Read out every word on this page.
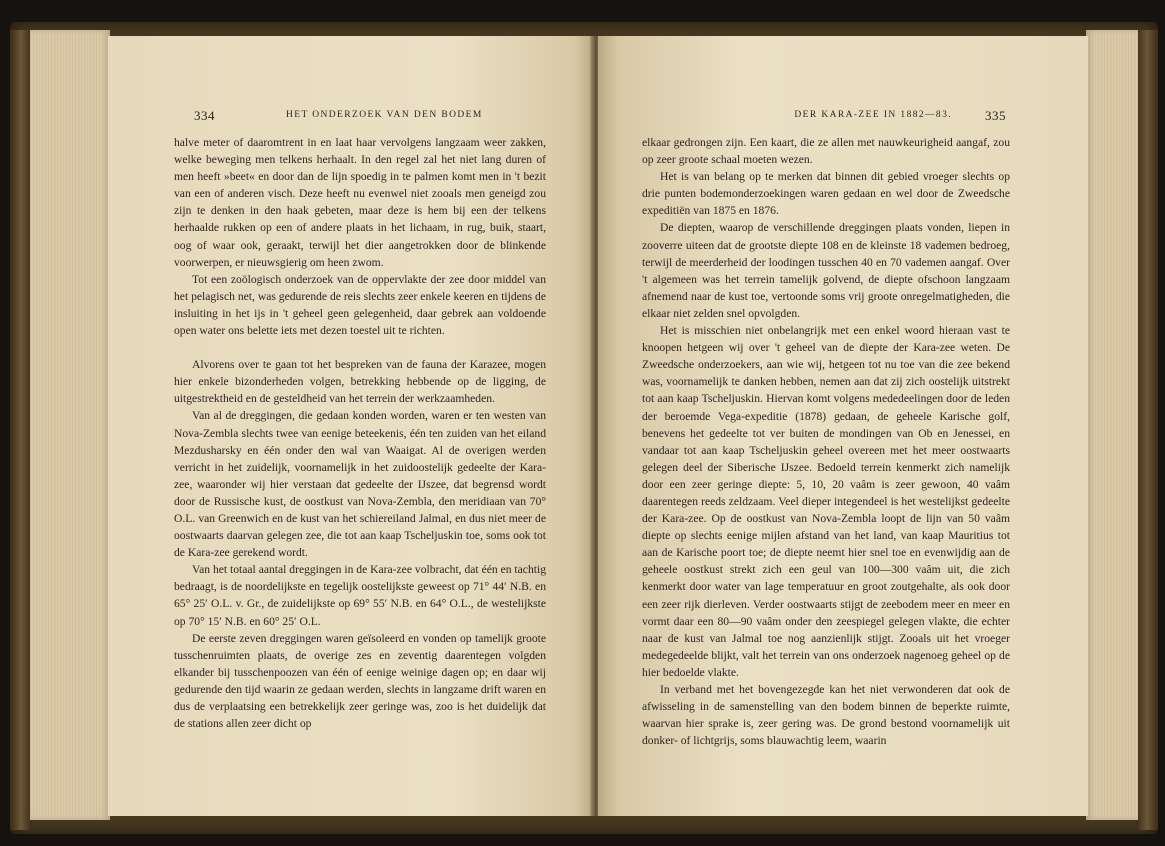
334	HET ONDERZOEK VAN DEN BODEM

halve meter of daaromtrent in en laat haar vervolgens langzaam weer zakken, welke beweging men telkens herhaalt. In den regel zal het niet lang duren of men heeft »beet« en door dan de lijn spoedig in te palmen komt men in 't bezit van een of anderen visch. Deze heeft nu evenwel niet zooals men geneigd zou zijn te denken in den haak gebeten, maar deze is hem bij een der telkens herhaalde rukken op een of andere plaats in het lichaam, in rug, buik, staart, oog of waar ook, geraakt, terwijl het dier aangetrokken door de blinkende voorwerpen, er nieuwsgierig om heen zwom.

Tot een zoölogisch onderzoek van de oppervlakte der zee door middel van het pelagisch net, was gedurende de reis slechts zeer enkele keeren en tijdens de insluiting in het ijs in 't geheel geen gelegenheid, daar gebrek aan voldoende open water ons belette iets met dezen toestel uit te richten.

Alvorens over te gaan tot het bespreken van de fauna der Karazee, mogen hier enkele bizonderheden volgen, betrekking hebbende op de ligging, de uitgestrektheid en de gesteldheid van het terrein der werkzaamheden.

Van al de dreggingen, die gedaan konden worden, waren er ten westen van Nova-Zembla slechts twee van eenige beteekenis, één ten zuiden van het eiland Mezdusharsky en één onder den wal van Waaigat. Al de overigen werden verricht in het zuidelijk, voornamelijk in het zuidoostelijk gedeelte der Kara-zee, waaronder wij hier verstaan dat gedeelte der IJszee, dat begrensd wordt door de Russische kust, de oostkust van Nova-Zembla, den meridiaan van 70° O.L. van Greenwich en de kust van het schiereiland Jalmal, en dus niet meer de oostwaarts daarvan gelegen zee, die tot aan kaap Tscheljuskin toe, soms ook tot de Kara-zee gerekend wordt.

Van het totaal aantal dreggingen in de Kara-zee volbracht, dat één en tachtig bedraagt, is de noordelijkste en tegelijk oostelijkste geweest op 71° 44′ N.B. en 65° 25′ O.L. v. Gr., de zuidelijkste op 69° 55′ N.B. en 64° O.L., de westelijkste op 70° 15′ N.B. en 60° 25′ O.L.

De eerste zeven dreggingen waren geïsoleerd en vonden op tamelijk groote tusschenruimten plaats, de overige zes en zeventig daarentegen volgden elkander bij tusschenpoozen van één of eenige weinige dagen op; en daar wij gedurende den tijd waarin ze gedaan werden, slechts in langzame drift waren en dus de verplaatsing een betrekkelijk zeer geringe was, zoo is het duidelijk dat de stations allen zeer dicht op

DER KARA-ZEE IN 1882—83.	335

elkaar gedrongen zijn. Een kaart, die ze allen met nauwkeurigheid aangaf, zou op zeer groote schaal moeten wezen.

Het is van belang op te merken dat binnen dit gebied vroeger slechts op drie punten bodemonderzoekingen waren gedaan en wel door de Zweedsche expeditiën van 1875 en 1876.

De diepten, waarop de verschillende dreggingen plaats vonden, liepen in zooverre uiteen dat de grootste diepte 108 en de kleinste 18 vademen bedroeg, terwijl de meerderheid der loodingen tusschen 40 en 70 vademen aangaf. Over 't algemeen was het terrein tamelijk golvend, de diepte ofschoon langzaam afnemend naar de kust toe, vertoonde soms vrij groote onregelmatigheden, die elkaar niet zelden snel opvolgden.

Het is misschien niet onbelangrijk met een enkel woord hieraan vast te knoopen hetgeen wij over 't geheel van de diepte der Kara-zee weten. De Zweedsche onderzoekers, aan wie wij, hetgeen tot nu toe van die zee bekend was, voornamelijk te danken hebben, nemen aan dat zij zich oostelijk uitstrekt tot aan kaap Tscheljuskin. Hiervan komt volgens mededeelingen door de leden der beroemde Vega-expeditie (1878) gedaan, de geheele Karische golf, benevens het gedeelte tot ver buiten de mondingen van Ob en Jenessei, en vandaar tot aan kaap Tscheljuskin geheel overeen met het meer oostwaarts gelegen deel der Siberische IJszee. Bedoeld terrein kenmerkt zich namelijk door een zeer geringe diepte: 5, 10, 20 vaâm is zeer gewoon, 40 vaâm daarentegen reeds zeldzaam. Veel dieper integendeel is het westelijkst gedeelte der Kara-zee. Op de oostkust van Nova-Zembla loopt de lijn van 50 vaâm diepte op slechts eenige mijlen afstand van het land, van kaap Mauritius tot aan de Karische poort toe; de diepte neemt hier snel toe en evenwijdig aan de geheele oostkust strekt zich een geul van 100—300 vaâm uit, die zich kenmerkt door water van lage temperatuur en groot zoutgehalte, als ook door een zeer rijk dierleven. Verder oostwaarts stijgt de zeebodem meer en meer en vormt daar een 80—90 vaâm onder den zeespiegel gelegen vlakte, die echter naar de kust van Jalmal toe nog aanzienlijk stijgt. Zooals uit het vroeger medegedeelde blijkt, valt het terrein van ons onderzoek nagenoeg geheel op de hier bedoelde vlakte.

In verband met het bovengezegde kan het niet verwonderen dat ook de afwisseling in de samenstelling van den bodem binnen de beperkte ruimte, waarvan hier sprake is, zeer gering was. De grond bestond voornamelijk uit donker- of lichtgrijs, soms blauwachtig leem, waarin
